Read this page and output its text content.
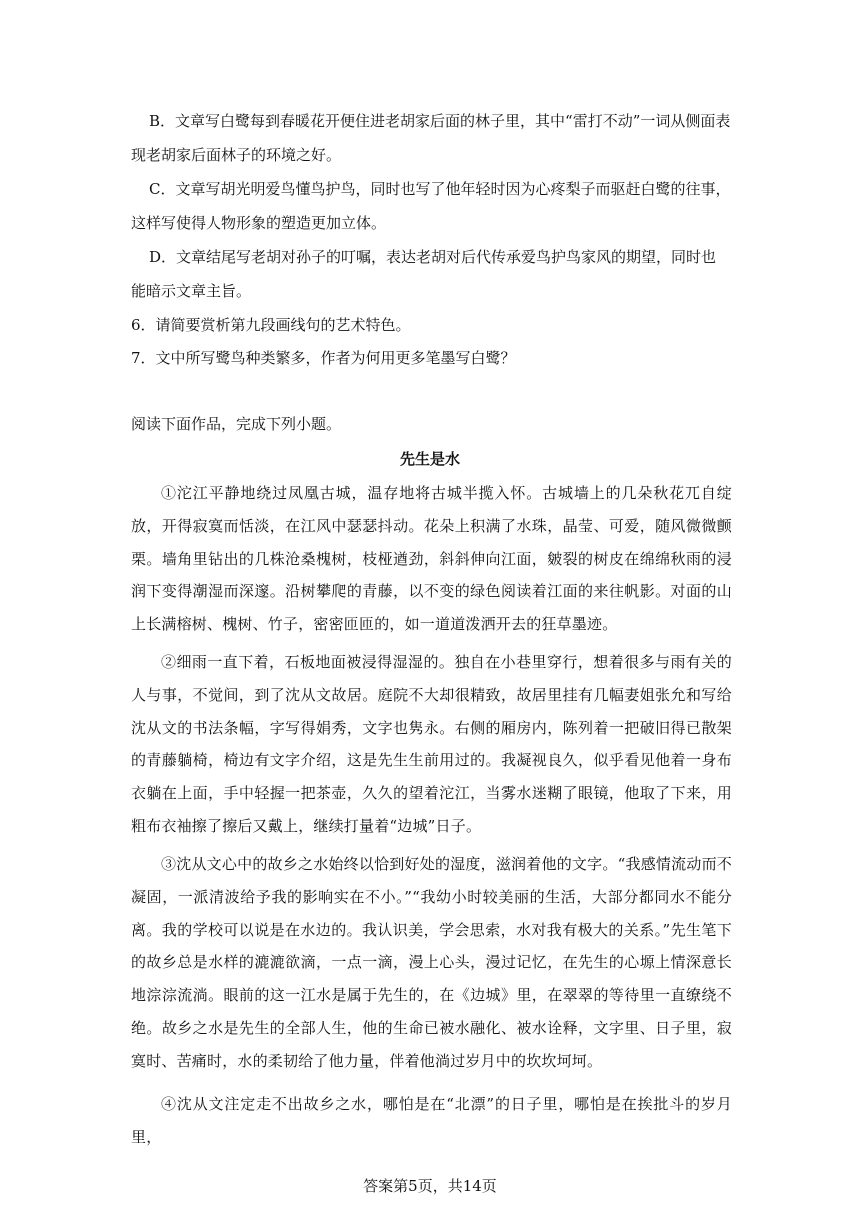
B．文章写白鹭每到春暖花开便住进老胡家后面的林子里，其中“雷打不动”一词从侧面表现老胡家后面林子的环境之好。
C．文章写胡光明爱鸟懂鸟护鸟，同时也写了他年轻时因为心疼梨子而驱赶白鹭的往事，这样写使得人物形象的塑造更加立体。
D．文章结尾写老胡对孙子的叮嘱，表达老胡对后代传承爱鸟护鸟家风的期望，同时也能暗示文章主旨。
6．请简要赏析第九段画线句的艺术特色。
7．文中所写鹭鸟种类繁多，作者为何用更多笔墨写白鹭？
阅读下面作品，完成下列小题。
先生是水
①沱江平静地绕过凤凰古城，温存地将古城半揽入怀。古城墙上的几朵秋花兀自绽放，开得寂寞而恬淡，在江风中瑟瑟抖动。花朵上积满了水珠，晶莹、可爱，随风微微颤栗。墙角里钻出的几株沧桑槐树，枝桠遒劲，斜斜伸向江面，皴裂的树皮在绵绵秋雨的浸润下变得潮湿而深邃。沿树攀爬的青藤，以不变的绿色阅读着江面的来往帆影。对面的山上长满榕树、槐树、竹子，密密匝匝的，如一道道泼洒开去的狂草墨迹。
②细雨一直下着，石板地面被浸得湿湿的。独自在小巷里穿行，想着很多与雨有关的人与事，不觉间，到了沈从文故居。庭院不大却很精致，故居里挂有几幅妻姐张允和写给沈从文的书法条幅，字写得娟秀，文字也隽永。右侧的厢房内，陈列着一把破旧得已散架的青藤躺椅，椅边有文字介绍，这是先生生前用过的。我凝视良久，似乎看见他着一身布衣躺在上面，手中轻握一把茶壶，久久的望着沱江，当雾水迷糊了眼镜，他取了下来，用粗布衣袖擦了擦后又戴上，继续打量着“边城”日子。
③沈从文心中的故乡之水始终以恰到好处的湿度，滋润着他的文字。“我感情流动而不凝固，一派清波给予我的影响实在不小。”“我幼小时较美丽的生活，大部分都同水不能分离。我的学校可以说是在水边的。我认识美，学会思索，水对我有极大的关系。”先生笔下的故乡总是水样的漉漉欲滴，一点一滴，漫上心头，漫过记忆，在先生的心塬上情深意长地淙淙流淌。眼前的这一江水是属于先生的，在《边城》里，在翠翠的等待里一直缭绕不绝。故乡之水是先生的全部人生，他的生命已被水融化、被水诠释，文字里、日子里，寂寞时、苦痛时，水的柔韧给了他力量，伴着他淌过岁月中的坎坎坷坷。
④沈从文注定走不出故乡之水，哪怕是在“北漂”的日子里，哪怕是在挨批斗的岁月里，
答案第5页，共14页
